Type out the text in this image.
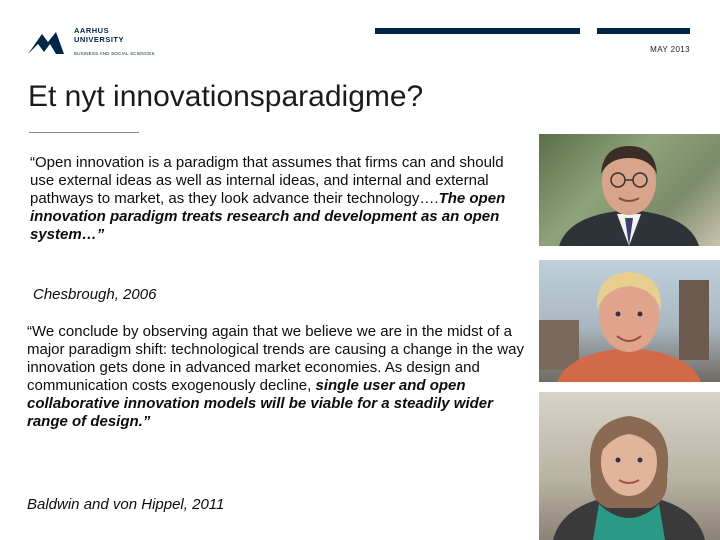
AARHUS
UNIVERSITY
BUSINESS AND SOCIAL SCIENCES	MAY 2013
Et nyt innovationsparadigme?
“Open innovation is a paradigm that assumes that firms can and should use external ideas as well as internal ideas, and internal and external pathways to market, as they look advance their technology….The open innovation paradigm treats research and development as an open system…”
Chesbrough, 2006
“We conclude by observing again that we believe we are in the midst of a major paradigm shift: technological trends are causing a change in the way innovation gets done in advanced market economies. As design and communication costs exogenously decline, single user and open collaborative innovation models will be viable for a steadily wider range of design.”
Baldwin and von Hippel, 2011
